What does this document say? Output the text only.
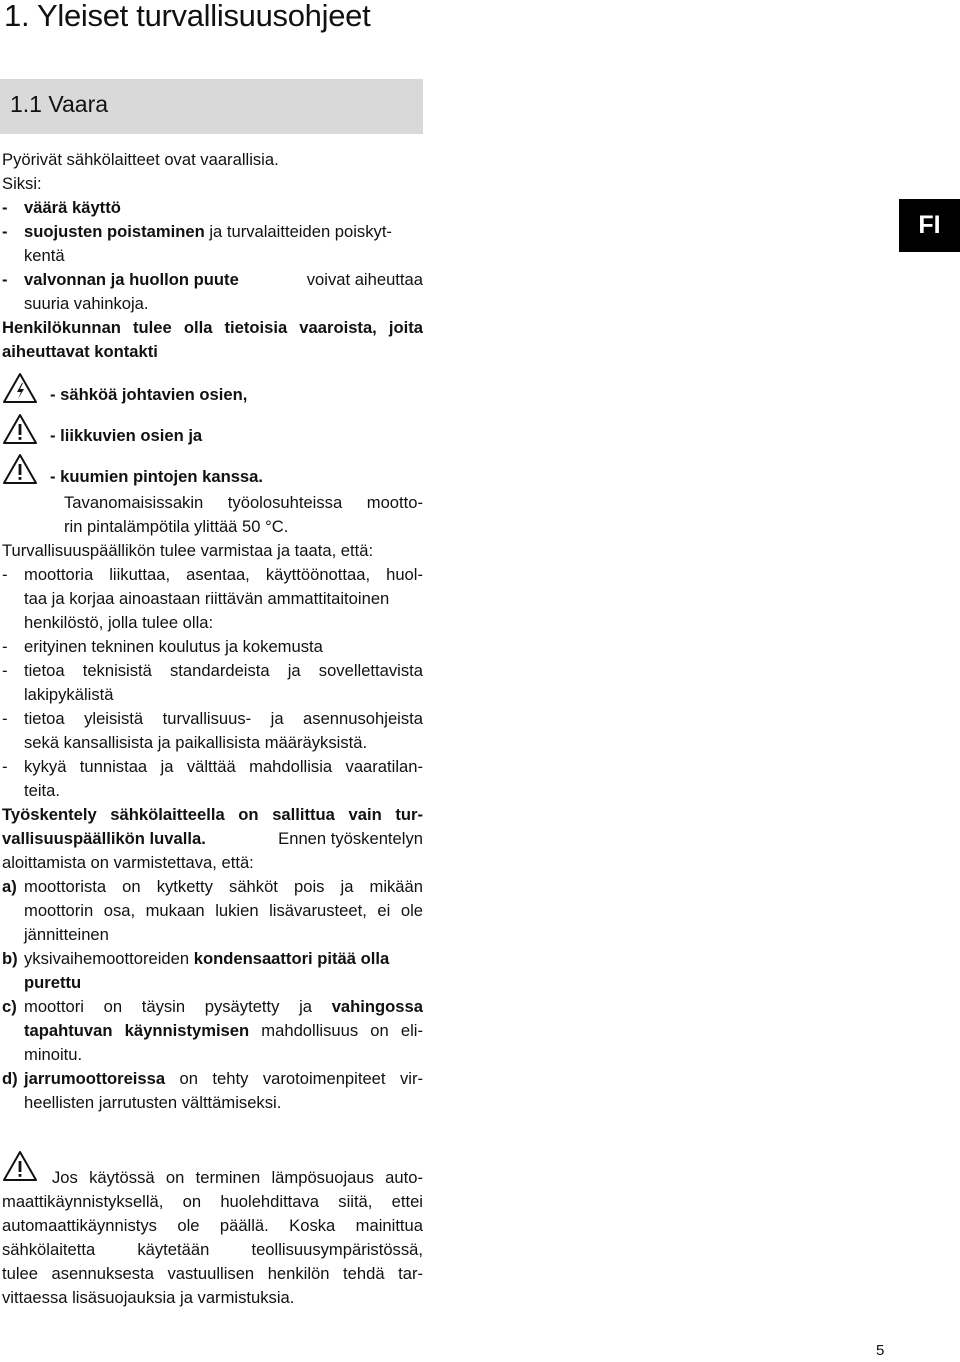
1. Yleiset turvallisuusohjeet
1.1 Vaara
FI
Pyörivät sähkölaitteet ovat vaarallisia.
Siksi:
- väärä käyttö
- suojusten poistaminen ja turvalaitteiden poiskyt-
kentä
- valvonnan ja huollon puute	voivat aiheuttaa
suuria vahinkoja.
Henkilökunnan tulee olla tietoisia vaaroista, joita
aiheuttavat kontakti
- sähköä johtavien osien,
- liikkuvien osien ja
- kuumien pintojen kanssa.
Tavanomaisissakin työolosuhteissa mootto-
rin pintalämpötila ylittää 50 °C.
Turvallisuuspäällikön tulee varmistaa ja taata, että:
- moottoria liikuttaa, asentaa, käyttöönottaa, huol-
taa ja korjaa ainoastaan riittävän ammattitaitoinen
henkilöstö, jolla tulee olla:
- erityinen tekninen koulutus ja kokemusta
- tietoa teknisistä standardeista ja sovellettavista
lakipykälistä
- tietoa yleisistä turvallisuus- ja asennusohjeista
sekä kansallisista ja paikallisista määräyksistä.
- kykyä tunnistaa ja välttää mahdollisia vaaratilan-
teita.
Työskentely sähkölaitteella on sallittua vain tur-
vallisuuspäällikön luvalla.	Ennen työskentelyn
aloittamista on varmistettava, että:
a) moottorista on kytketty sähköt pois ja mikään
moottorin osa, mukaan lukien lisävarusteet, ei ole
jännitteinen
b) yksivaihemoottoreiden kondensaattori pitää olla
purettu
c) moottori on täysin pysäytetty ja vahingossa
tapahtuvan käynnistymisen mahdollisuus on eli-
minoitu.
d) jarrumoottoreissa on tehty varotoimenpiteet vir-
heellisten jarrutusten välttämiseksi.
Jos käytössä on terminen lämpösuojaus auto-
maattikäynnistyksellä, on huolehdittava siitä, ettei
automaattikäynnistys ole päällä. Koska mainittua
sähkölaitetta käytetään teollisuusympäristössä,
tulee asennuksesta vastuullisen henkilön tehdä tar-
vittaessa lisäsuojauksia ja varmistuksia.
5
